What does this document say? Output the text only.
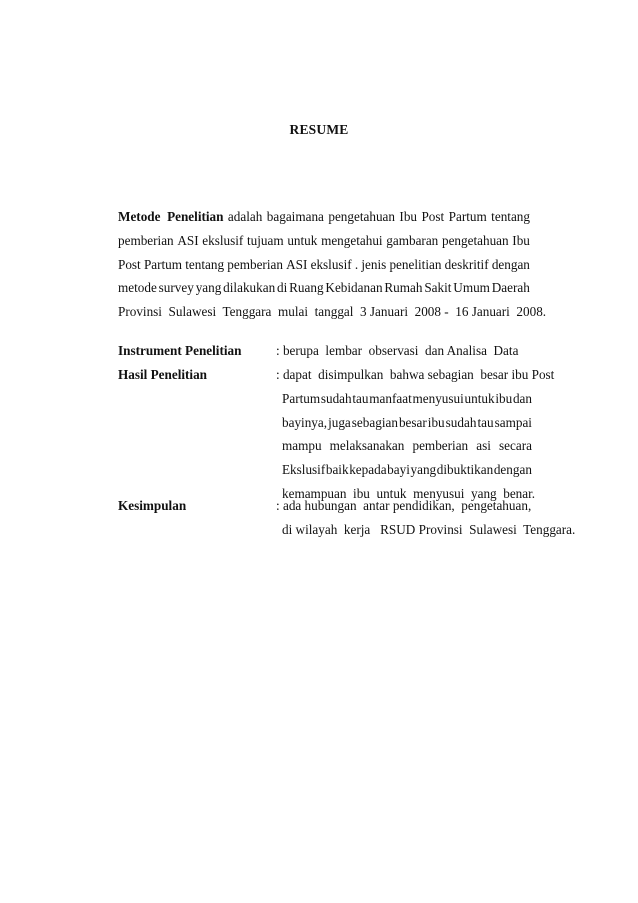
RESUME
Metode  Penelitian adalah bagaimana pengetahuan Ibu Post Partum tentang
pemberian ASI ekslusif tujuam untuk mengetahui gambaran pengetahuan Ibu
Post Partum tentang pemberian ASI ekslusif . jenis penelitian deskritif dengan
metode survey yang dilakukan di Ruang Kebidanan Rumah Sakit Umum Daerah
Provinsi  Sulawesi  Tenggara  mulai  tanggal  3 Januari  2008 -  16 Januari  2008.
Instrument Penelitian	: berupa  lembar  observasi  dan Analisa  Data
Hasil Penelitian	: dapat  disimpulkan  bahwa sebagian  besar ibu Post
Partum sudah tau manfaat menyusui untuk ibu dan
bayinya, juga sebagian besar ibu sudah tau sampai
mampu melaksanakan pemberian asi secara
Ekslusif baik kepada bayi yang dibuktikan dengan
kemampuan  ibu  untuk  menyusui  yang  benar.
Kesimpulan	: ada hubungan  antar pendidikan,  pengetahuan,
di wilayah  kerja   RSUD Provinsi  Sulawesi  Tenggara.
